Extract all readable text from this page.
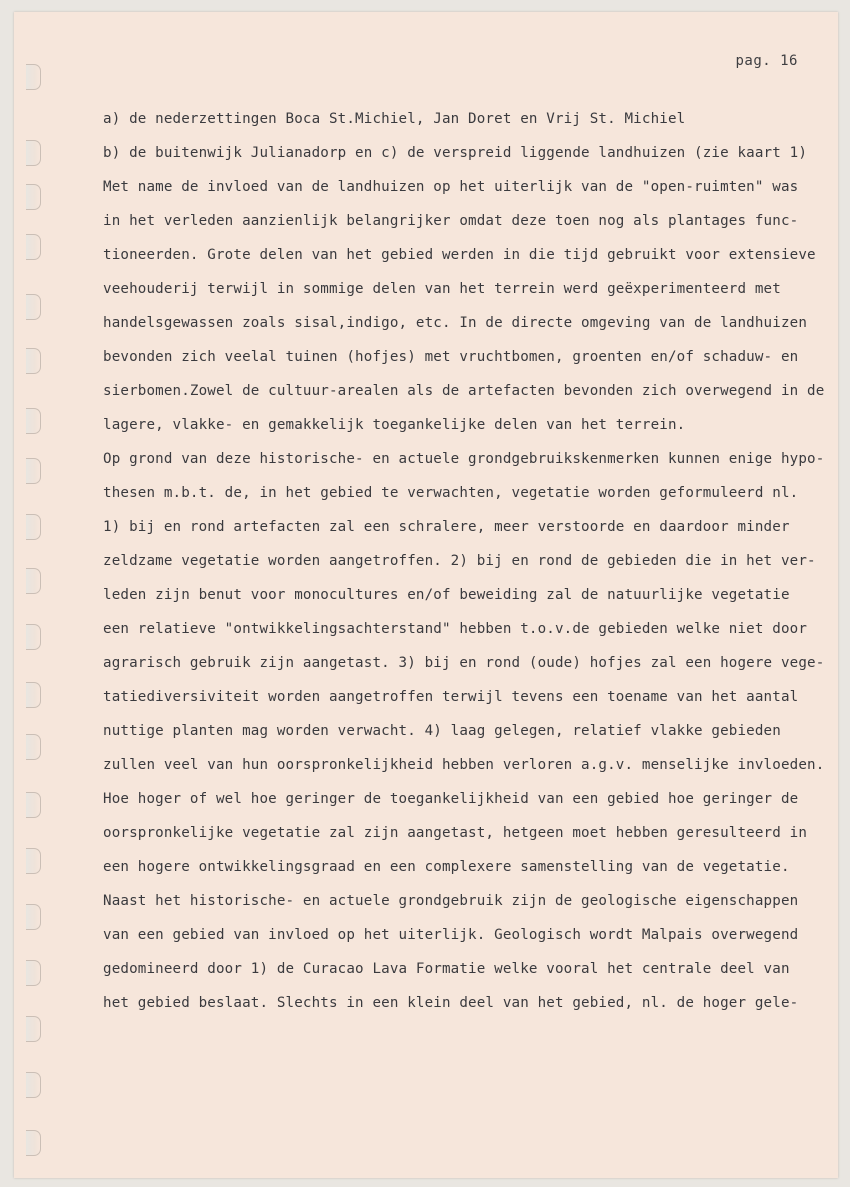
pag. 16
a) de nederzettingen Boca St.Michiel, Jan Doret en Vrij St. Michiel
b) de buitenwijk Julianadorp en c) de verspreid liggende landhuizen (zie kaart 1)
Met name de invloed van de landhuizen op het uiterlijk van de "open-ruimten" was
in het verleden aanzienlijk belangrijker omdat deze toen nog als plantages func-
tioneerden. Grote delen van het gebied werden in die tijd gebruikt voor extensieve
veehouderij terwijl in sommige delen van het terrein werd geëxperimenteerd met
handelsgewassen zoals sisal,indigo, etc. In de directe omgeving van de landhuizen
bevonden zich veelal tuinen (hofjes) met vruchtbomen, groenten en/of schaduw- en
sierbomen.Zowel de cultuur-arealen als de artefacten bevonden zich overwegend in de
lagere, vlakke- en gemakkelijk toegankelijke delen van het terrein.
Op grond van deze historische- en actuele grondgebruikskenmerken kunnen enige hypo-
thesen m.b.t. de, in het gebied te verwachten, vegetatie worden geformuleerd nl.
1) bij en rond artefacten zal een schralere, meer verstoorde en daardoor minder
zeldzame vegetatie worden aangetroffen. 2) bij en rond de gebieden die in het ver-
leden zijn benut voor monocultures en/of beweiding zal de natuurlijke vegetatie
een relatieve "ontwikkelingsachterstand" hebben t.o.v.de gebieden welke niet door
agrarisch gebruik zijn aangetast. 3) bij en rond (oude) hofjes zal een hogere vege-
tatiediversiviteit worden aangetroffen terwijl tevens een toename van het aantal
nuttige planten mag worden verwacht. 4) laag gelegen, relatief vlakke gebieden
zullen veel van hun oorspronkelijkheid hebben verloren a.g.v. menselijke invloeden.
Hoe hoger of wel hoe geringer de toegankelijkheid van een gebied hoe geringer de
oorspronkelijke vegetatie zal zijn aangetast, hetgeen moet hebben geresulteerd in
een hogere ontwikkelingsgraad en een complexere samenstelling van de vegetatie.
Naast het historische- en actuele grondgebruik zijn de geologische eigenschappen
van een gebied van invloed op het uiterlijk. Geologisch wordt Malpais overwegend
gedomineerd door 1) de Curacao Lava Formatie welke vooral het centrale deel van
het gebied beslaat. Slechts in een klein deel van het gebied, nl. de hoger gele-
